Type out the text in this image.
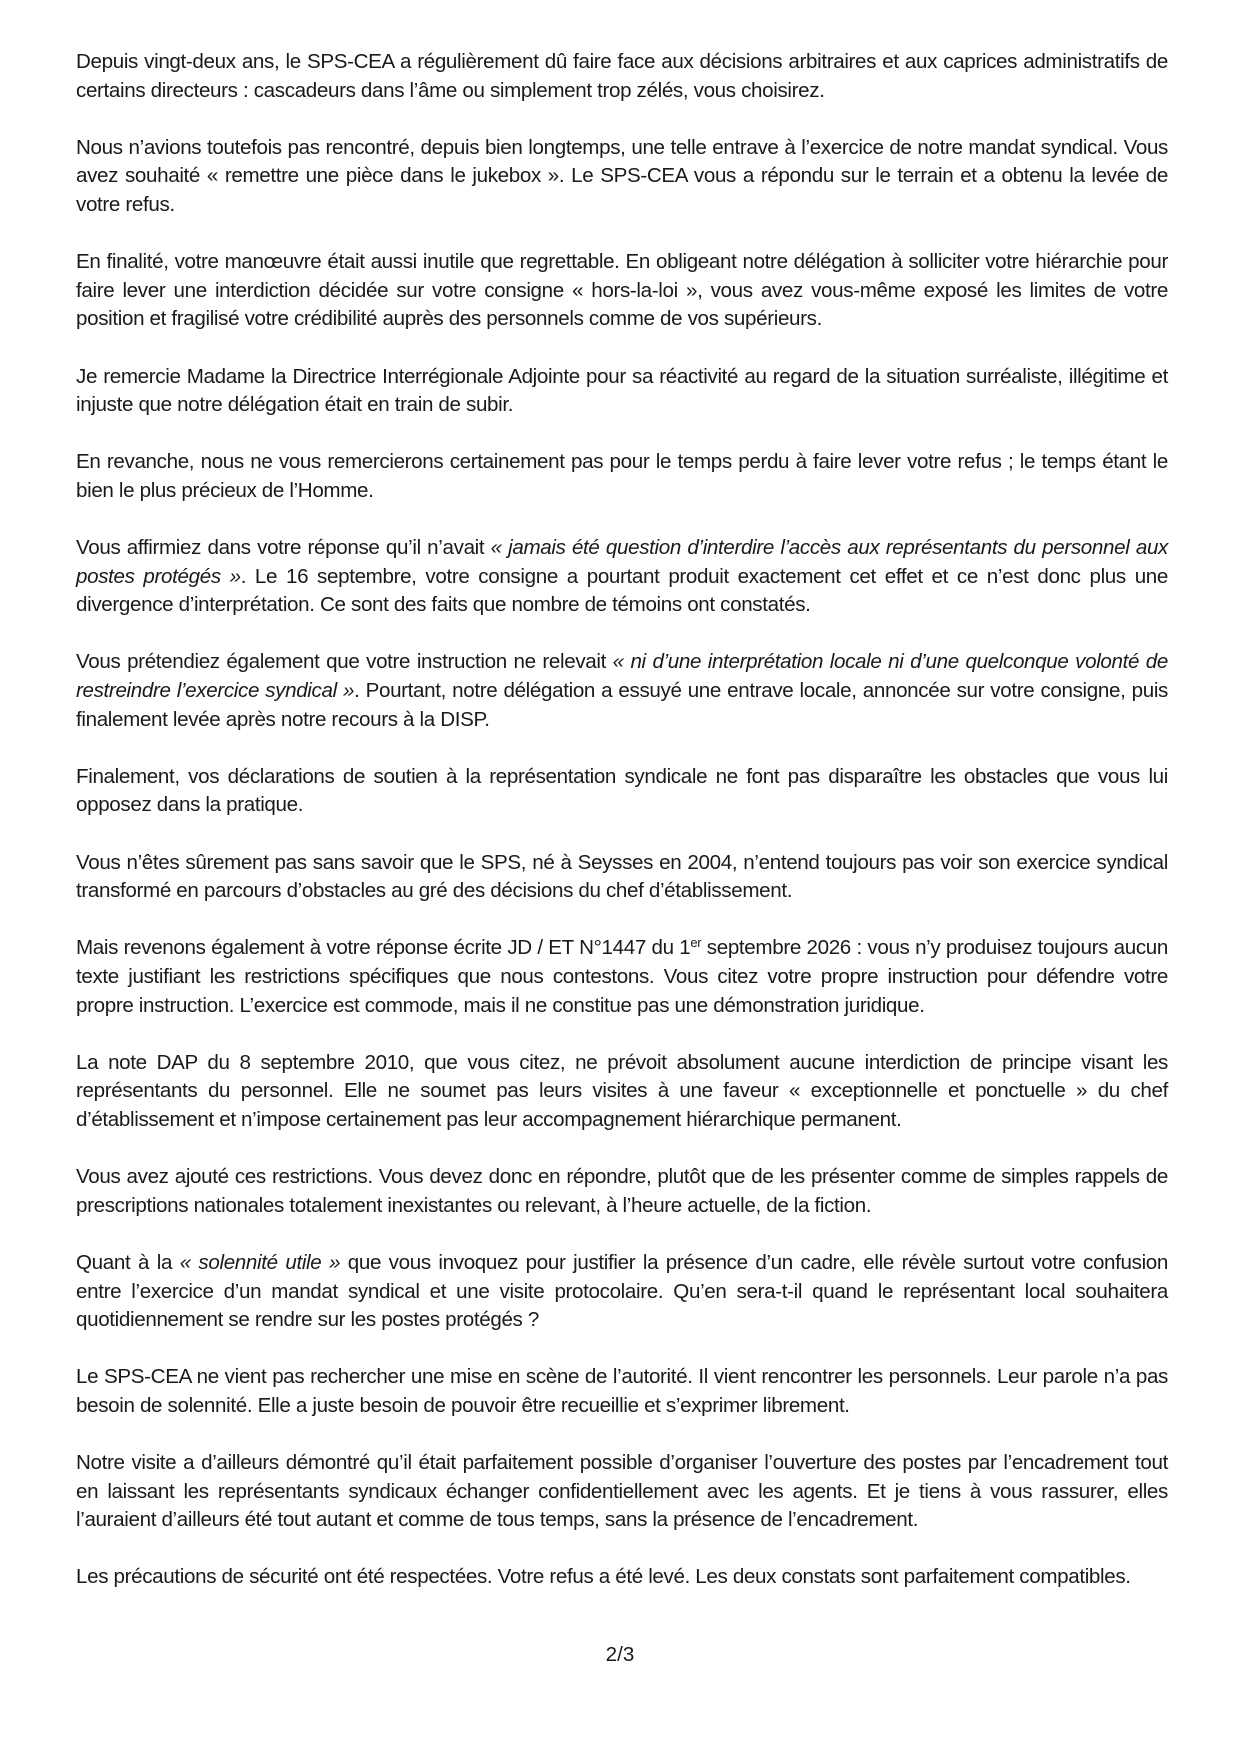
Depuis vingt-deux ans, le SPS-CEA a régulièrement dû faire face aux décisions arbitraires et aux caprices administratifs de certains directeurs : cascadeurs dans l’âme ou simplement trop zélés, vous choisirez.

Nous n’avions toutefois pas rencontré, depuis bien longtemps, une telle entrave à l’exercice de notre mandat syndical. Vous avez souhaité « remettre une pièce dans le jukebox ». Le SPS-CEA vous a répondu sur le terrain et a obtenu la levée de votre refus.

En finalité, votre manœuvre était aussi inutile que regrettable. En obligeant notre délégation à solliciter votre hiérarchie pour faire lever une interdiction décidée sur votre consigne « hors-la-loi », vous avez vous-même exposé les limites de votre position et fragilisé votre crédibilité auprès des personnels comme de vos supérieurs.

Je remercie Madame la Directrice Interrégionale Adjointe pour sa réactivité au regard de la situation surréaliste, illégitime et injuste que notre délégation était en train de subir.

En revanche, nous ne vous remercierons certainement pas pour le temps perdu à faire lever votre refus ; le temps étant le bien le plus précieux de l’Homme.

Vous affirmiez dans votre réponse qu’il n’avait « jamais été question d’interdire l’accès aux représentants du personnel aux postes protégés ». Le 16 septembre, votre consigne a pourtant produit exactement cet effet et ce n’est donc plus une divergence d’interprétation. Ce sont des faits que nombre de témoins ont constatés.

Vous prétendiez également que votre instruction ne relevait « ni d’une interprétation locale ni d’une quelconque volonté de restreindre l’exercice syndical ». Pourtant, notre délégation a essuyé une entrave locale, annoncée sur votre consigne, puis finalement levée après notre recours à la DISP.

Finalement, vos déclarations de soutien à la représentation syndicale ne font pas disparaître les obstacles que vous lui opposez dans la pratique.

Vous n’êtes sûrement pas sans savoir que le SPS, né à Seysses en 2004, n’entend toujours pas voir son exercice syndical transformé en parcours d’obstacles au gré des décisions du chef d’établissement.

Mais revenons également à votre réponse écrite JD / ET N°1447 du 1er septembre 2026 : vous n’y produisez toujours aucun texte justifiant les restrictions spécifiques que nous contestons. Vous citez votre propre instruction pour défendre votre propre instruction. L’exercice est commode, mais il ne constitue pas une démonstration juridique.

La note DAP du 8 septembre 2010, que vous citez, ne prévoit absolument aucune interdiction de principe visant les représentants du personnel. Elle ne soumet pas leurs visites à une faveur « exceptionnelle et ponctuelle » du chef d’établissement et n’impose certainement pas leur accompagnement hiérarchique permanent.

Vous avez ajouté ces restrictions. Vous devez donc en répondre, plutôt que de les présenter comme de simples rappels de prescriptions nationales totalement inexistantes ou relevant, à l’heure actuelle, de la fiction.

Quant à la « solennité utile » que vous invoquez pour justifier la présence d’un cadre, elle révèle surtout votre confusion entre l’exercice d’un mandat syndical et une visite protocolaire. Qu’en sera-t-il quand le représentant local souhaitera quotidiennement se rendre sur les postes protégés ?

Le SPS-CEA ne vient pas rechercher une mise en scène de l’autorité. Il vient rencontrer les personnels. Leur parole n’a pas besoin de solennité. Elle a juste besoin de pouvoir être recueillie et s’exprimer librement.

Notre visite a d’ailleurs démontré qu’il était parfaitement possible d’organiser l’ouverture des postes par l’encadrement tout en laissant les représentants syndicaux échanger confidentiellement avec les agents. Et je tiens à vous rassurer, elles l’auraient d’ailleurs été tout autant et comme de tous temps, sans la présence de l’encadrement.

Les précautions de sécurité ont été respectées. Votre refus a été levé. Les deux constats sont parfaitement compatibles.

2/3
